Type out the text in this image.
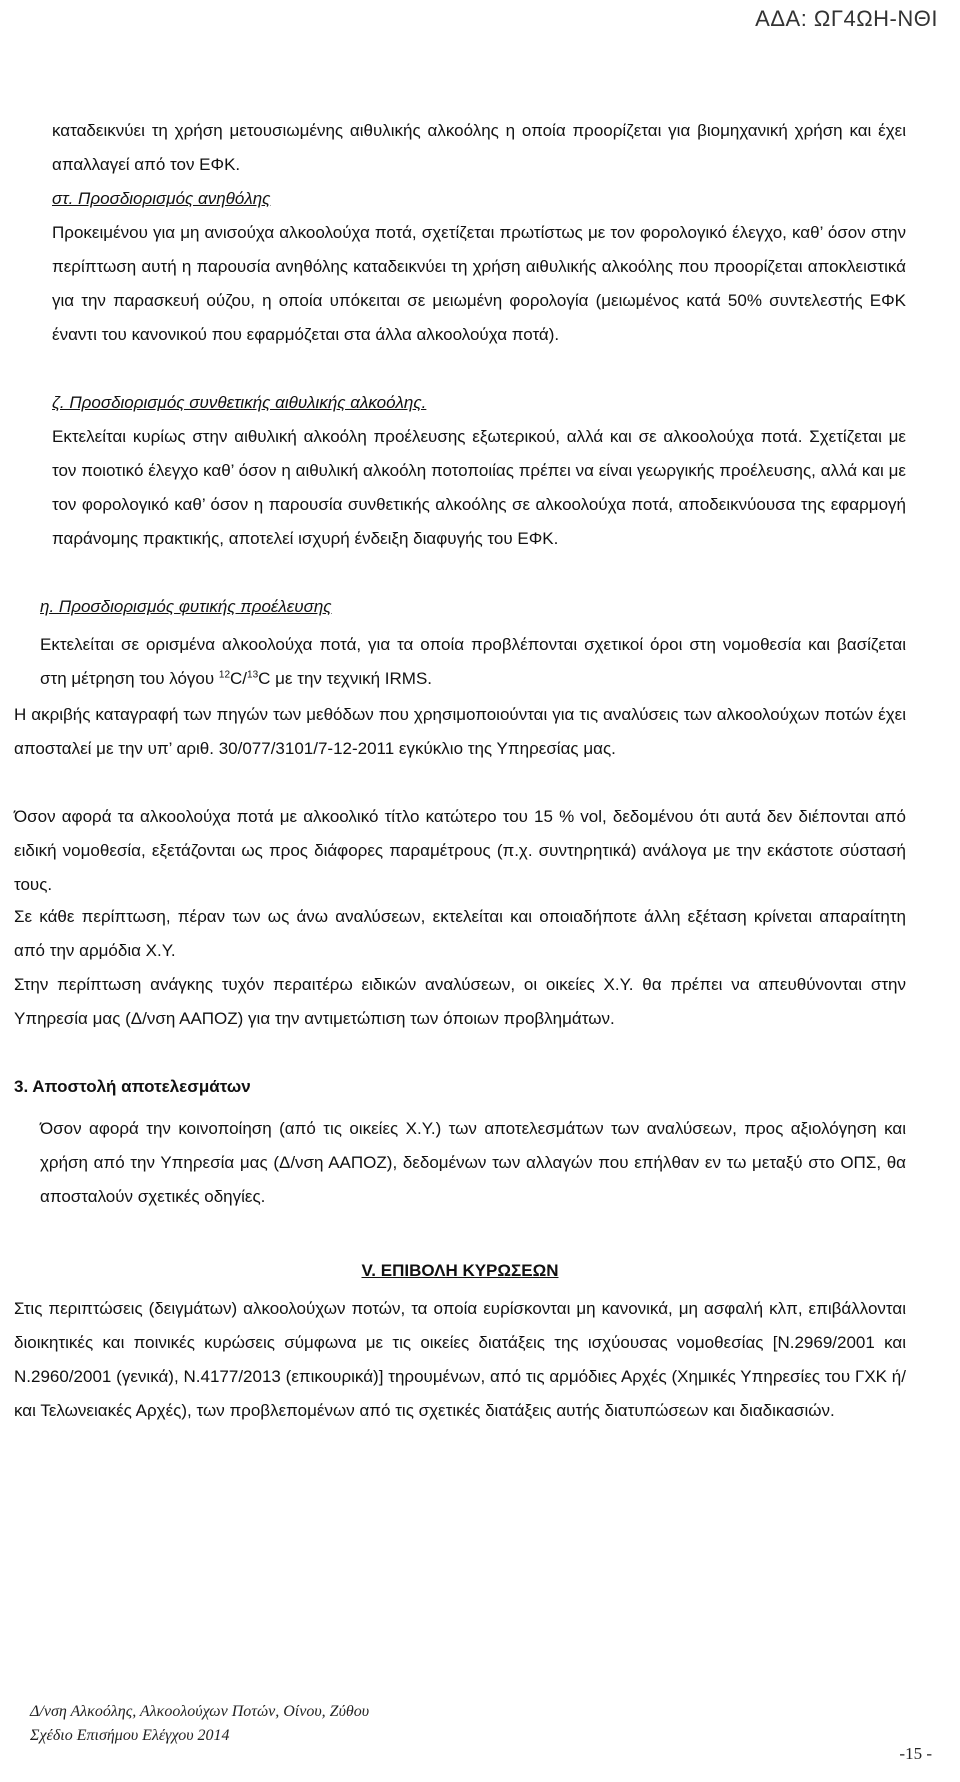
ΑΔΑ: ΩΓ4ΩΗ-ΝΘΙ

καταδεικνύει τη χρήση μετουσιωμένης αιθυλικής αλκοόλης η οποία προορίζεται για βιομηχανική χρήση και έχει απαλλαγεί από τον ΕΦΚ.

στ. Προσδιορισμός ανηθόλης

Προκειμένου για μη ανισούχα αλκοολούχα ποτά, σχετίζεται πρωτίστως με τον φορολογικό έλεγχο, καθ’ όσον στην περίπτωση αυτή η παρουσία ανηθόλης καταδεικνύει τη χρήση αιθυλικής αλκοόλης που προορίζεται αποκλειστικά για την παρασκευή ούζου, η οποία υπόκειται σε μειωμένη φορολογία (μειωμένος κατά 50% συντελεστής ΕΦΚ έναντι του κανονικού που εφαρμόζεται στα άλλα αλκοολούχα ποτά).

ζ. Προσδιορισμός συνθετικής αιθυλικής αλκοόλης.

Εκτελείται κυρίως στην αιθυλική αλκοόλη προέλευσης εξωτερικού, αλλά και σε αλκοολούχα ποτά. Σχετίζεται με τον ποιοτικό έλεγχο καθ’ όσον η αιθυλική αλκοόλη ποτοποιίας πρέπει να είναι γεωργικής προέλευσης, αλλά και με τον φορολογικό καθ’ όσον η παρουσία συνθετικής αλκοόλης σε αλκοολούχα ποτά, αποδεικνύουσα της εφαρμογή παράνομης πρακτικής, αποτελεί ισχυρή ένδειξη διαφυγής του ΕΦΚ.

η. Προσδιορισμός φυτικής προέλευσης

Εκτελείται σε ορισμένα αλκοολούχα ποτά, για τα οποία προβλέπονται σχετικοί όροι στη νομοθεσία και βασίζεται στη μέτρηση του λόγου $^{12}$C/$^{13}$C με την τεχνική IRMS.

Η ακριβής καταγραφή των πηγών των μεθόδων που χρησιμοποιούνται για τις αναλύσεις των αλκοολούχων ποτών έχει αποσταλεί με την υπ’ αριθ. 30/077/3101/7-12-2011 εγκύκλιο της Υπηρεσίας μας.

Όσον αφορά τα αλκοολούχα ποτά με αλκοολικό τίτλο κατώτερο του 15 % vol, δεδομένου ότι αυτά δεν διέπονται από ειδική νομοθεσία, εξετάζονται ως προς διάφορες παραμέτρους (π.χ. συντηρητικά) ανάλογα με την εκάστοτε σύστασή τους.

Σε κάθε περίπτωση, πέραν των ως άνω αναλύσεων, εκτελείται και οποιαδήποτε άλλη εξέταση κρίνεται απαραίτητη από την αρμόδια Χ.Υ.

Στην περίπτωση ανάγκης τυχόν περαιτέρω ειδικών αναλύσεων, οι οικείες Χ.Υ. θα πρέπει να απευθύνονται στην Υπηρεσία μας (Δ/νση ΑΑΠΟΖ) για την αντιμετώπιση των όποιων προβλημάτων.

3. Αποστολή αποτελεσμάτων

Όσον αφορά την κοινοποίηση (από τις οικείες Χ.Υ.) των αποτελεσμάτων των αναλύσεων, προς αξιολόγηση και χρήση από την Υπηρεσία μας (Δ/νση ΑΑΠΟΖ), δεδομένων των αλλαγών που επήλθαν εν τω μεταξύ στο ΟΠΣ, θα αποσταλούν σχετικές οδηγίες.

V. ΕΠΙΒΟΛΗ ΚΥΡΩΣΕΩΝ

Στις περιπτώσεις (δειγμάτων) αλκοολούχων ποτών, τα οποία ευρίσκονται μη κανονικά, μη ασφαλή κλπ, επιβάλλονται διοικητικές και ποινικές κυρώσεις σύμφωνα με τις οικείες διατάξεις της ισχύουσας νομοθεσίας [Ν.2969/2001 και Ν.2960/2001 (γενικά), Ν.4177/2013 (επικουρικά)] τηρουμένων, από τις αρμόδιες Αρχές (Χημικές Υπηρεσίες του ΓΧΚ ή/και Τελωνειακές Αρχές), των προβλεπομένων από τις σχετικές διατάξεις αυτής διατυπώσεων και διαδικασιών.

Δ/νση Αλκοόλης, Αλκοολούχων Ποτών, Οίνου, Ζύθου
Σχέδιο Επισήμου Ελέγχου 2014
-15 -
